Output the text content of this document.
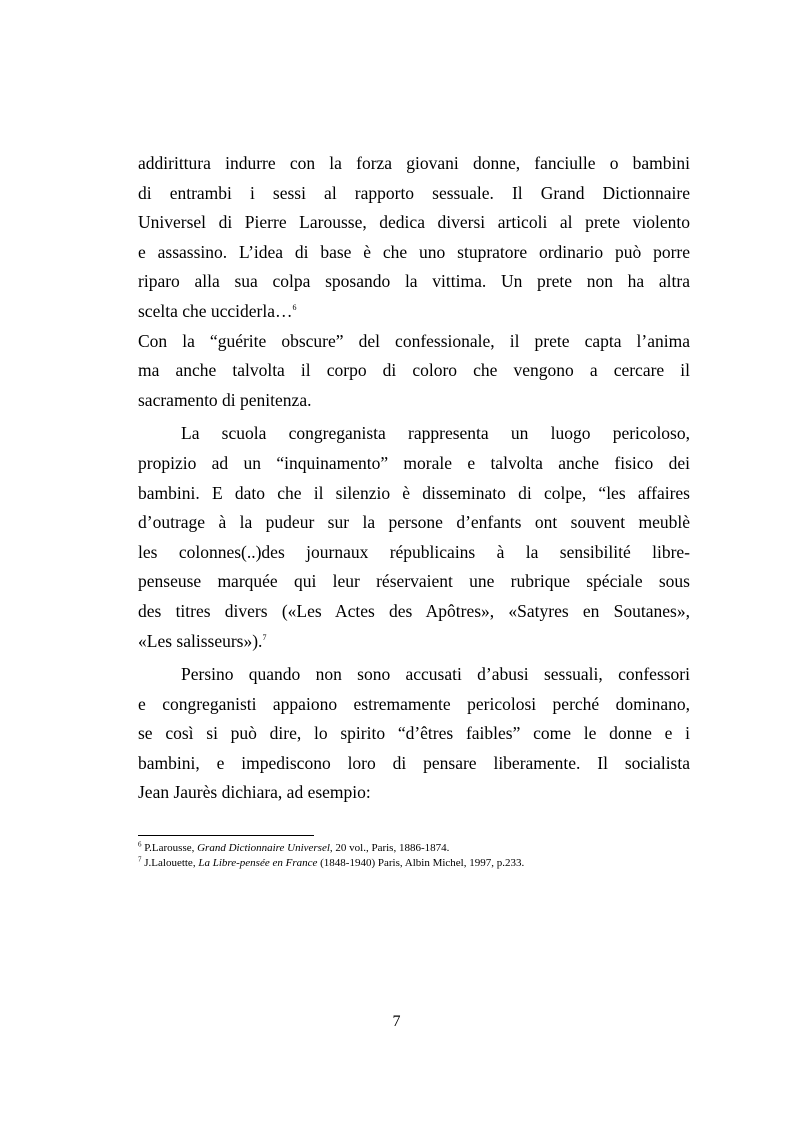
addirittura indurre con la forza giovani donne, fanciulle o bambini
di entrambi i sessi al rapporto sessuale. Il Grand Dictionnaire
Universel di Pierre Larousse, dedica diversi articoli al prete violento
e assassino. L’idea di base è che uno stupratore ordinario può porre
riparo alla sua colpa sposando la vittima. Un prete non ha altra
scelta che ucciderla…$^6$
Con la “guérite obscure” del confessionale, il prete capta l’anima
ma anche talvolta il corpo di coloro che vengono a cercare il
sacramento di penitenza.
La scuola congreganista rappresenta un luogo pericoloso,
propizio ad un “inquinamento” morale e talvolta anche fisico dei
bambini. E dato che il silenzio è disseminato di colpe, “les affaires
d’outrage à la pudeur sur la persone d’enfants ont souvent meublè
les colonnes(..)des journaux républicains à la sensibilité libre-
penseuse marquée qui leur réservaient une rubrique spéciale sous
des titres divers («Les Actes des Apôtres», «Satyres en Soutanes»,
«Les salisseurs»).$^7$
Persino quando non sono accusati d’abusi sessuali, confessori
e congreganisti appaiono estremamente pericolosi perché dominano,
se così si può dire, lo spirito “d’êtres faibles” come le donne e i
bambini, e impediscono loro di pensare liberamente. Il socialista
Jean Jaurès dichiara, ad esempio:
$^6$ P.Larousse, Grand Dictionnaire Universel, 20 vol., Paris, 1886-1874.
$^7$ J.Lalouette, La Libre-pensée en France (1848-1940) Paris, Albin Michel, 1997, p.233.
7
